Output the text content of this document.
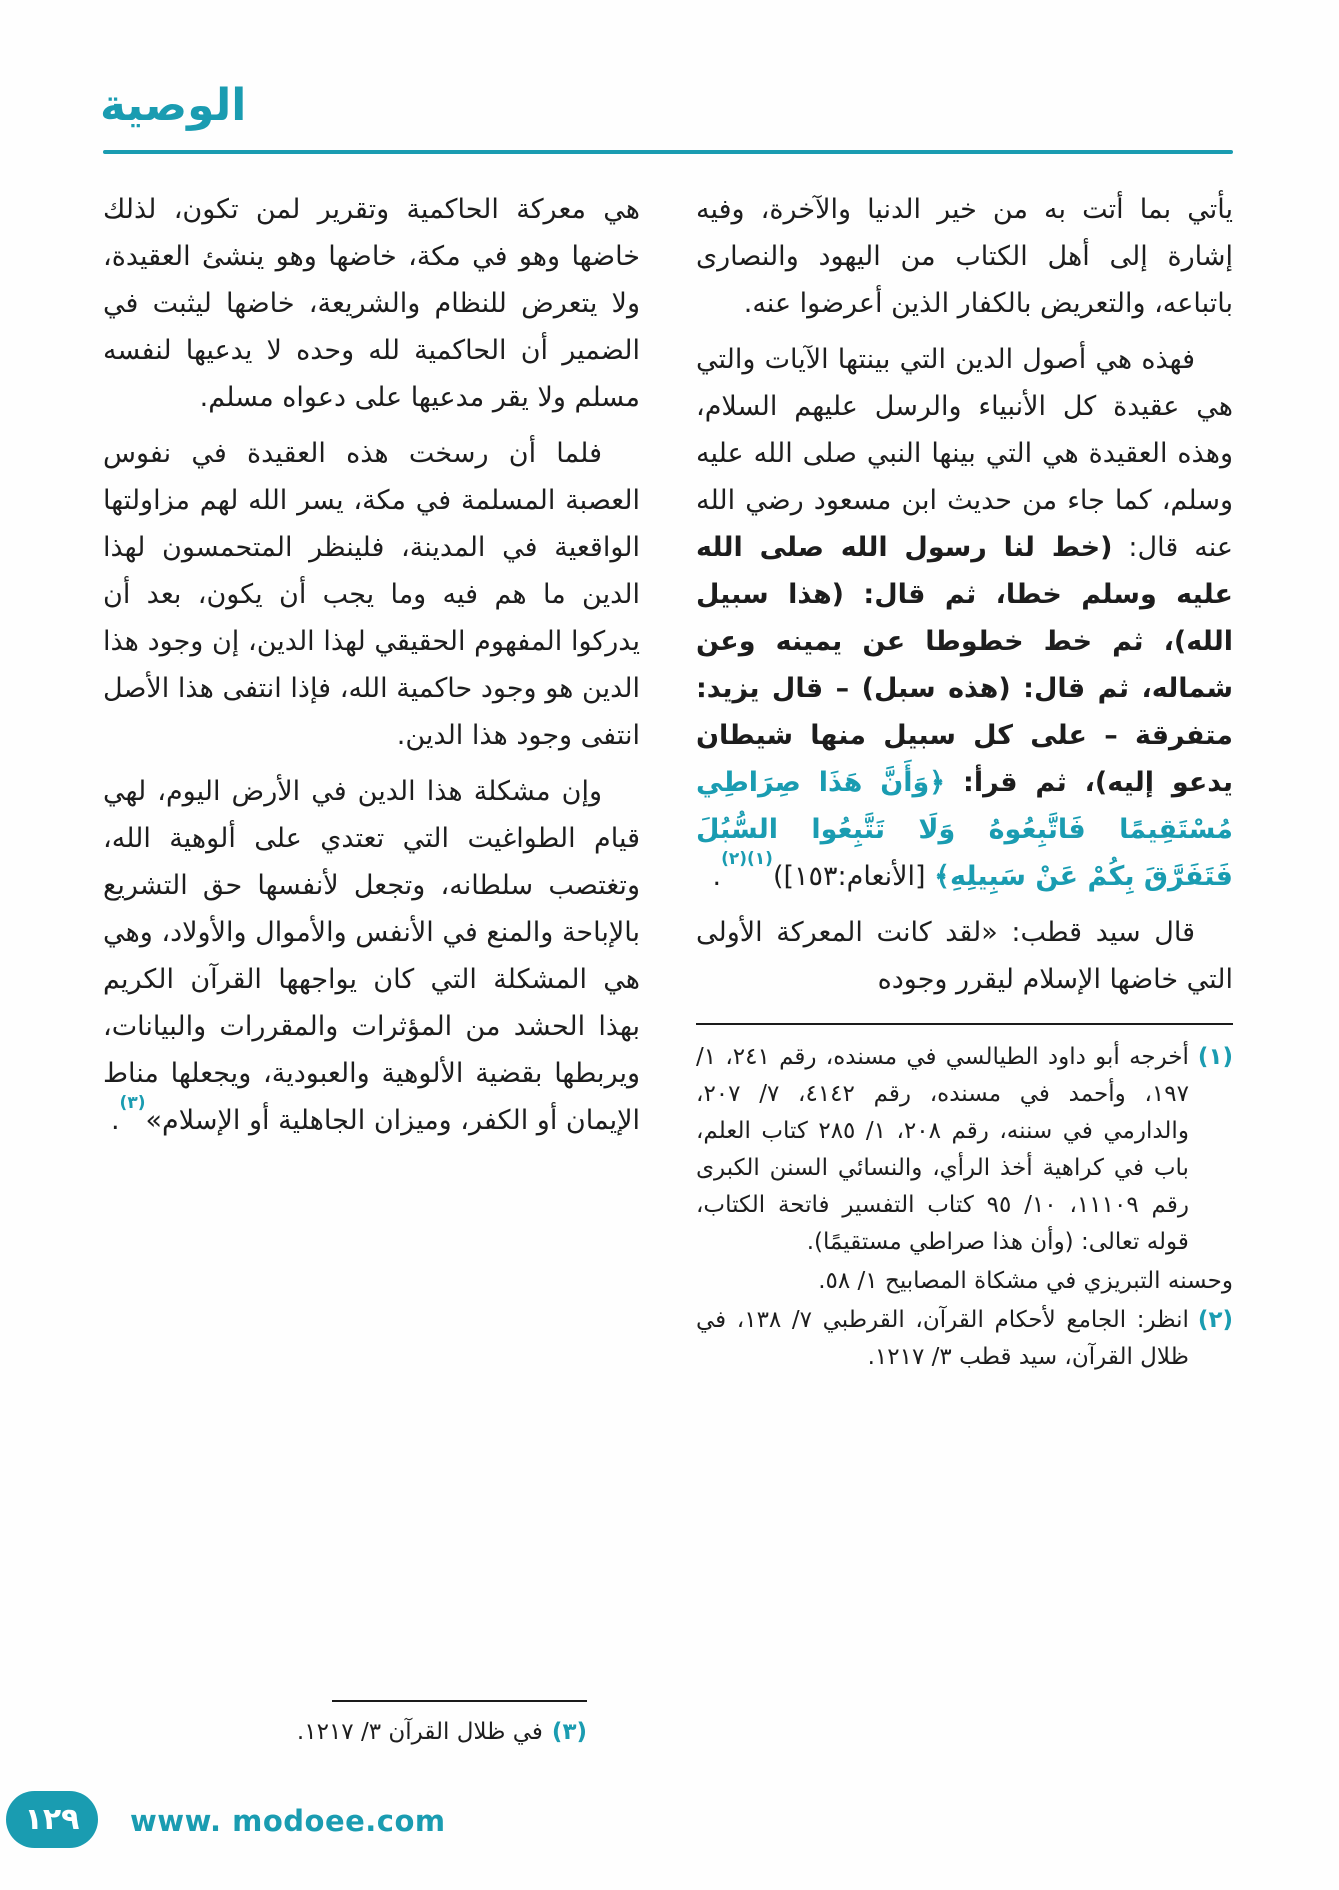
الوصية

يأتي بما أتت به من خير الدنيا والآخرة، وفيه إشارة إلى أهل الكتاب من اليهود والنصارى باتباعه، والتعريض بالكفار الذين أعرضوا عنه.

فهذه هي أصول الدين التي بينتها الآيات والتي هي عقيدة كل الأنبياء والرسل عليهم السلام، وهذه العقيدة هي التي بينها النبي صلى الله عليه وسلم، كما جاء من حديث ابن مسعود رضي الله عنه قال: (خط لنا رسول الله صلى الله عليه وسلم خطا، ثم قال: (هذا سبيل الله)، ثم خط خطوطا عن يمينه وعن شماله، ثم قال: (هذه سبل) – قال يزيد: متفرقة – على كل سبيل منها شيطان يدعو إليه)، ثم قرأ: ﴿وَأَنَّ هَذَا صِرَاطِي مُسْتَقِيمًا فَاتَّبِعُوهُ وَلَا تَتَّبِعُوا السُّبُلَ فَتَفَرَّقَ بِكُمْ عَنْ سَبِيلِهِ﴾ [الأنعام:١٥٣])$^{(١)(٢)}$.

قال سيد قطب: «لقد كانت المعركة الأولى التي خاضها الإسلام ليقرر وجوده

(١)
أخرجه أبو داود الطيالسي في مسنده، رقم ٢٤١، ١/ ١٩٧، وأحمد في مسنده، رقم ٤١٤٢، ٧/ ٢٠٧، والدارمي في سننه، رقم ٢٠٨، ١/ ٢٨٥ كتاب العلم، باب في كراهية أخذ الرأي، والنسائي السنن الكبرى رقم ١١١٠٩، ١٠/ ٩٥ كتاب التفسير فاتحة الكتاب، قوله تعالى: (وأن هذا صراطي مستقيمًا).
وحسنه التبريزي في مشكاة المصابيح ١/ ٥٨.
(٢)
انظر: الجامع لأحكام القرآن، القرطبي ٧/ ١٣٨، في ظلال القرآن، سيد قطب ٣/ ١٢١٧.

هي معركة الحاكمية وتقرير لمن تكون، لذلك خاضها وهو في مكة، خاضها وهو ينشئ العقيدة، ولا يتعرض للنظام والشريعة، خاضها ليثبت في الضمير أن الحاكمية لله وحده لا يدعيها لنفسه مسلم ولا يقر مدعيها على دعواه مسلم.

فلما أن رسخت هذه العقيدة في نفوس العصبة المسلمة في مكة، يسر الله لهم مزاولتها الواقعية في المدينة، فلينظر المتحمسون لهذا الدين ما هم فيه وما يجب أن يكون، بعد أن يدركوا المفهوم الحقيقي لهذا الدين، إن وجود هذا الدين هو وجود حاكمية الله، فإذا انتفى هذا الأصل انتفى وجود هذا الدين.

وإن مشكلة هذا الدين في الأرض اليوم، لهي قيام الطواغيت التي تعتدي على ألوهية الله، وتغتصب سلطانه، وتجعل لأنفسها حق التشريع بالإباحة والمنع في الأنفس والأموال والأولاد، وهي هي المشكلة التي كان يواجهها القرآن الكريم بهذا الحشد من المؤثرات والمقررات والبيانات، ويربطها بقضية الألوهية والعبودية، ويجعلها مناط الإيمان أو الكفر، وميزان الجاهلية أو الإسلام»$^{(٣)}$.

(٣)
في ظلال القرآن ٣/ ١٢١٧.
١٢٩ www. modoee.com
